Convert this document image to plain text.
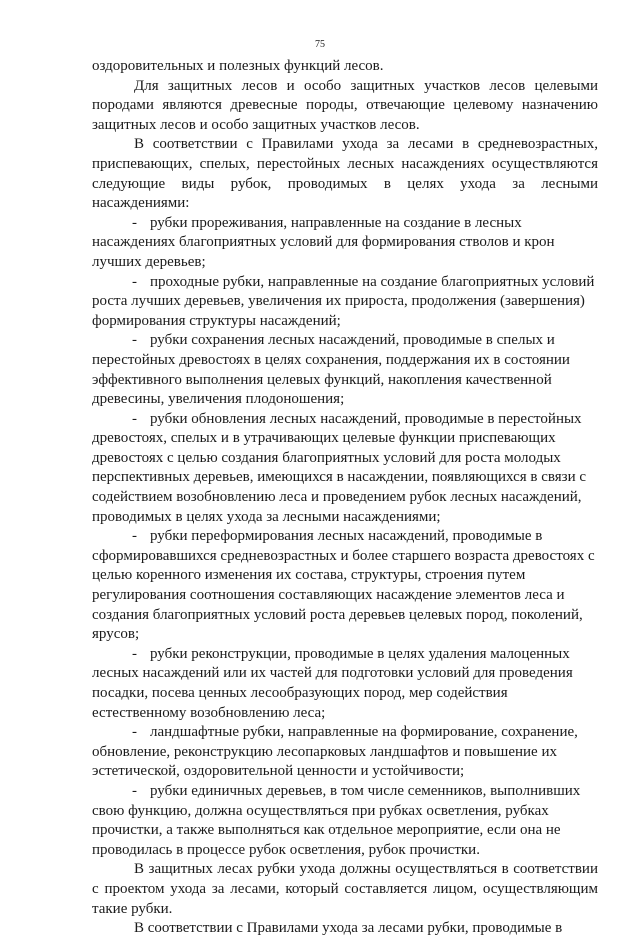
75

оздоровительных и полезных функций лесов.

Для защитных лесов и особо защитных участков лесов целевыми породами являются древесные породы, отвечающие целевому назначению защитных лесов и особо защитных участков лесов.

В соответствии с Правилами ухода за лесами в средневозрастных, приспевающих, спелых, перестойных лесных насаждениях осуществляются следующие виды рубок, проводимых в целях ухода за лесными насаждениями:

- рубки прореживания, направленные на создание в лесных насаждениях благоприятных условий для формирования стволов и крон лучших деревьев;

- проходные рубки, направленные на создание благоприятных условий роста лучших деревьев, увеличения их прироста, продолжения (завершения) формирования структуры насаждений;

- рубки сохранения лесных насаждений, проводимые в спелых и перестойных древостоях в целях сохранения, поддержания их в состоянии эффективного выполнения целевых функций, накопления качественной древесины, увеличения плодоношения;

- рубки обновления лесных насаждений, проводимые в перестойных древостоях, спелых и в утрачивающих целевые функции приспевающих древостоях с целью создания благоприятных условий для роста молодых перспективных деревьев, имеющихся в насаждении, появляющихся в связи с содействием возобновлению леса и проведением рубок лесных насаждений, проводимых в целях ухода за лесными насаждениями;

- рубки переформирования лесных насаждений, проводимые в сформировавшихся средневозрастных и более старшего возраста древостоях с целью коренного изменения их состава, структуры, строения путем регулирования соотношения составляющих насаждение элементов леса и создания благоприятных условий роста деревьев целевых пород, поколений, ярусов;

- рубки реконструкции, проводимые в целях удаления малоценных лесных насаждений или их частей для подготовки условий для проведения посадки, посева ценных лесообразующих пород, мер содействия естественному возобновлению леса;

- ландшафтные рубки, направленные на формирование, сохранение, обновление, реконструкцию лесопарковых ландшафтов и повышение их эстетической, оздоровительной ценности и устойчивости;

- рубки единичных деревьев, в том числе семенников, выполнивших свою функцию, должна осуществляться при рубках осветления, рубках прочистки, а также выполняться как отдельное мероприятие, если она не проводилась в процессе рубок осветления, рубок прочистки.

В защитных лесах рубки ухода должны осуществляться в соответствии с проектом ухода за лесами, который составляется лицом, осуществляющим такие рубки.

В соответствии с Правилами ухода за лесами рубки, проводимые в
